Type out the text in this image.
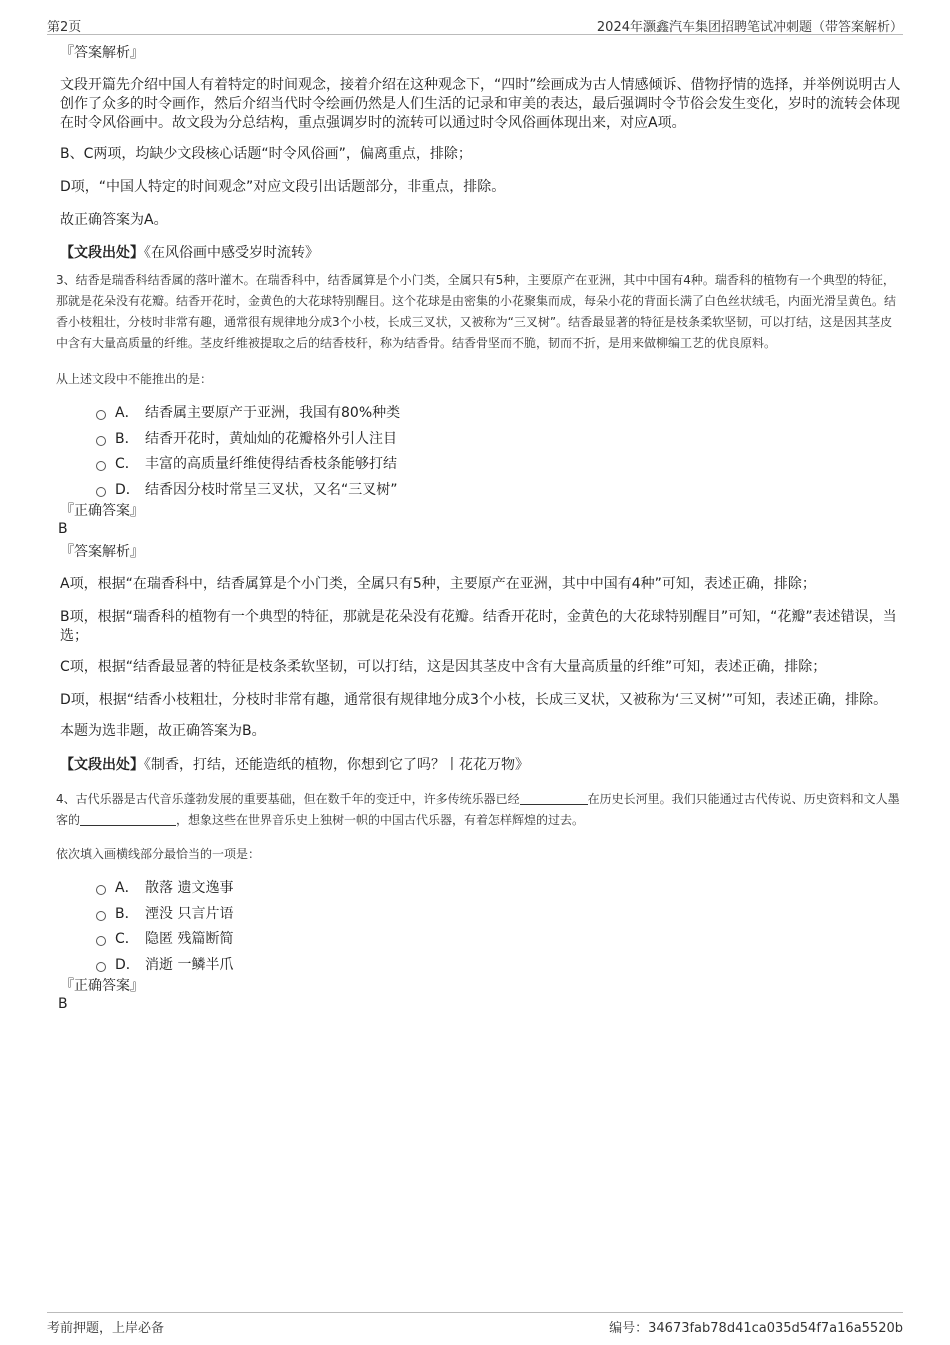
第2页	2024年灏鑫汽车集团招聘笔试冲刺题（带答案解析）
『答案解析』
文段开篇先介绍中国人有着特定的时间观念，接着介绍在这种观念下，“四时”绘画成为古人情感倾诉、借物抒情的选择，并举例说明古人创作了众多的时令画作，然后介绍当代时令绘画仍然是人们生活的记录和审美的表达，最后强调时令节俗会发生变化，岁时的流转会体现在时令风俗画中。故文段为分总结构，重点强调岁时的流转可以通过时令风俗画体现出来，对应A项。
B、C两项，均缺少文段核心话题“时令风俗画”，偏离重点，排除；
D项，“中国人特定的时间观念”对应文段引出话题部分，非重点，排除。
故正确答案为A。
【文段出处】《在风俗画中感受岁时流转》
3、结香是瑞香科结香属的落叶灌木。在瑞香科中，结香属算是个小门类，全属只有5种，主要原产在亚洲，其中中国有4种。瑞香科的植物有一个典型的特征，那就是花朵没有花瓣。结香开花时，金黄色的大花球特别醒目。这个花球是由密集的小花聚集而成，每朵小花的背面长满了白色丝状绒毛，内面光滑呈黄色。结香小枝粗壮，分枝时非常有趣，通常很有规律地分成3个小枝，长成三叉状，又被称为“三叉树”。结香最显著的特征是枝条柔软坚韧，可以打结，这是因其茎皮中含有大量高质量的纤维。茎皮纤维被提取之后的结香枝秆，称为结香骨。结香骨坚而不脆，韧而不折，是用来做柳编工艺的优良原料。
从上述文段中不能推出的是：
A． 结香属主要原产于亚洲，我国有80%种类
B． 结香开花时，黄灿灿的花瓣格外引人注目
C． 丰富的高质量纤维使得结香枝条能够打结
D． 结香因分枝时常呈三叉状，又名“三叉树”
『正确答案』
B
『答案解析』
A项，根据“在瑞香科中，结香属算是个小门类，全属只有5种，主要原产在亚洲，其中中国有4种”可知，表述正确，排除；
B项，根据“瑞香科的植物有一个典型的特征，那就是花朵没有花瓣。结香开花时，金黄色的大花球特别醒目”可知，“花瓣”表述错误，当选；
C项，根据“结香最显著的特征是枝条柔软坚韧，可以打结，这是因其茎皮中含有大量高质量的纤维”可知，表述正确，排除；
D项，根据“结香小枝粗壮，分枝时非常有趣，通常很有规律地分成3个小枝，长成三叉状，又被称为‘三叉树’”可知，表述正确，排除。
本题为选非题，故正确答案为B。
【文段出处】《制香，打结，还能造纸的植物，你想到它了吗？丨花花万物》
4、古代乐器是古代音乐蓬勃发展的重要基础，但在数千年的变迁中，许多传统乐器已经	在历史长河里。我们只能通过古代传说、历史资料和文人墨客的	，想象这些在世界音乐史上独树一帜的中国古代乐器，有着怎样辉煌的过去。
依次填入画横线部分最恰当的一项是：
A． 散落 遗文逸事
B． 湮没 只言片语
C． 隐匿 残篇断简
D． 消逝 一鳞半爪
『正确答案』
B
考前押题，上岸必备	编号：34673fab78d41ca035d54f7a16a5520b
